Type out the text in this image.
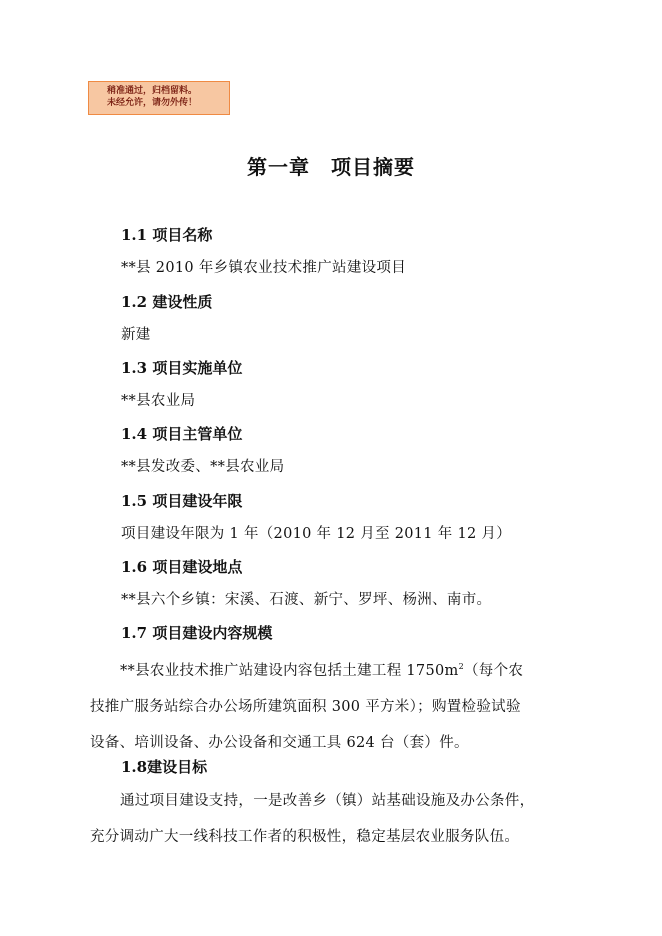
稍准通过，归档留料。
未经允许，请勿外传！
第一章　项目摘要
1.1 项目名称
**县 2010 年乡镇农业技术推广站建设项目
1.2 建设性质
新建
1.3 项目实施单位
**县农业局
1.4 项目主管单位
**县发改委、**县农业局
1.5 项目建设年限
项目建设年限为 1 年（2010 年 12 月至 2011 年 12 月）
1.6 项目建设地点
**县六个乡镇：宋溪、石渡、新宁、罗坪、杨洲、南市。
1.7 项目建设内容规模
**县农业技术推广站建设内容包括土建工程 $1750m^2$（每个农
技推广服务站综合办公场所建筑面积 300 平方米）；购置检验试验
设备、培训设备、办公设备和交通工具 624 台（套）件。
1.8建设目标
通过项目建设支持，一是改善乡（镇）站基础设施及办公条件，
充分调动广大一线科技工作者的积极性，稳定基层农业服务队伍。
